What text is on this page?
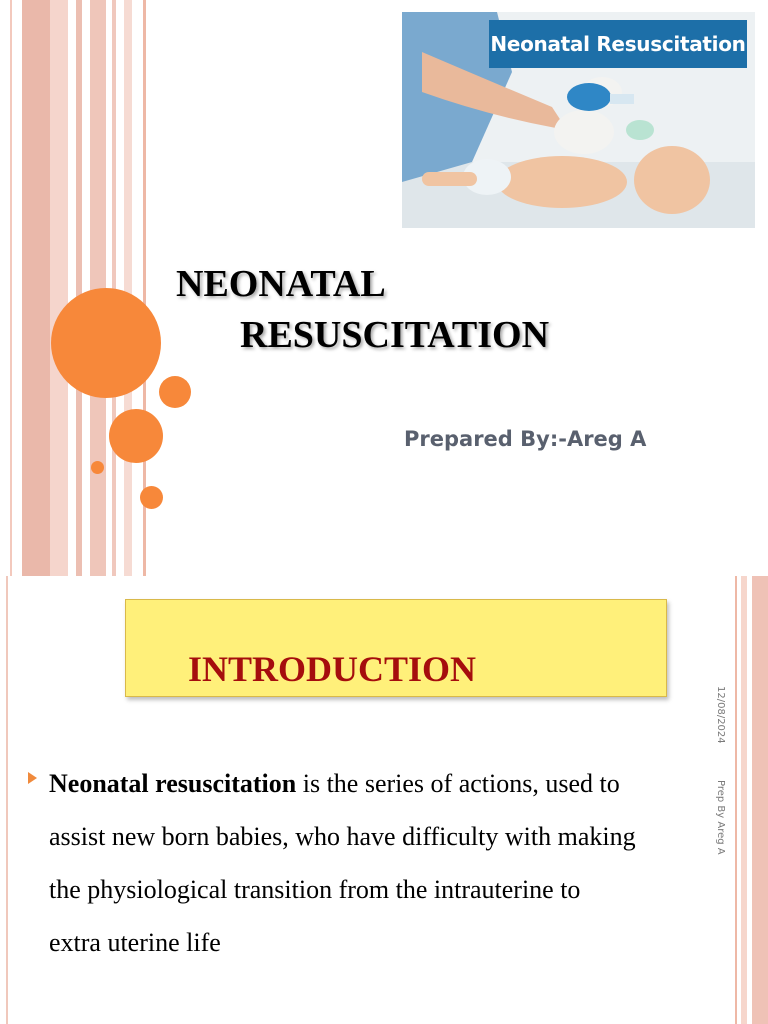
Neonatal Resuscitation
NEONATAL
RESUSCITATION
Prepared By:-Areg A
INTRODUCTION
12/08/2024
Prep By Areg A
Neonatal resuscitation is the series of actions, used to
assist new born babies, who have difficulty with making
the physiological transition from the intrauterine to
extra uterine life
